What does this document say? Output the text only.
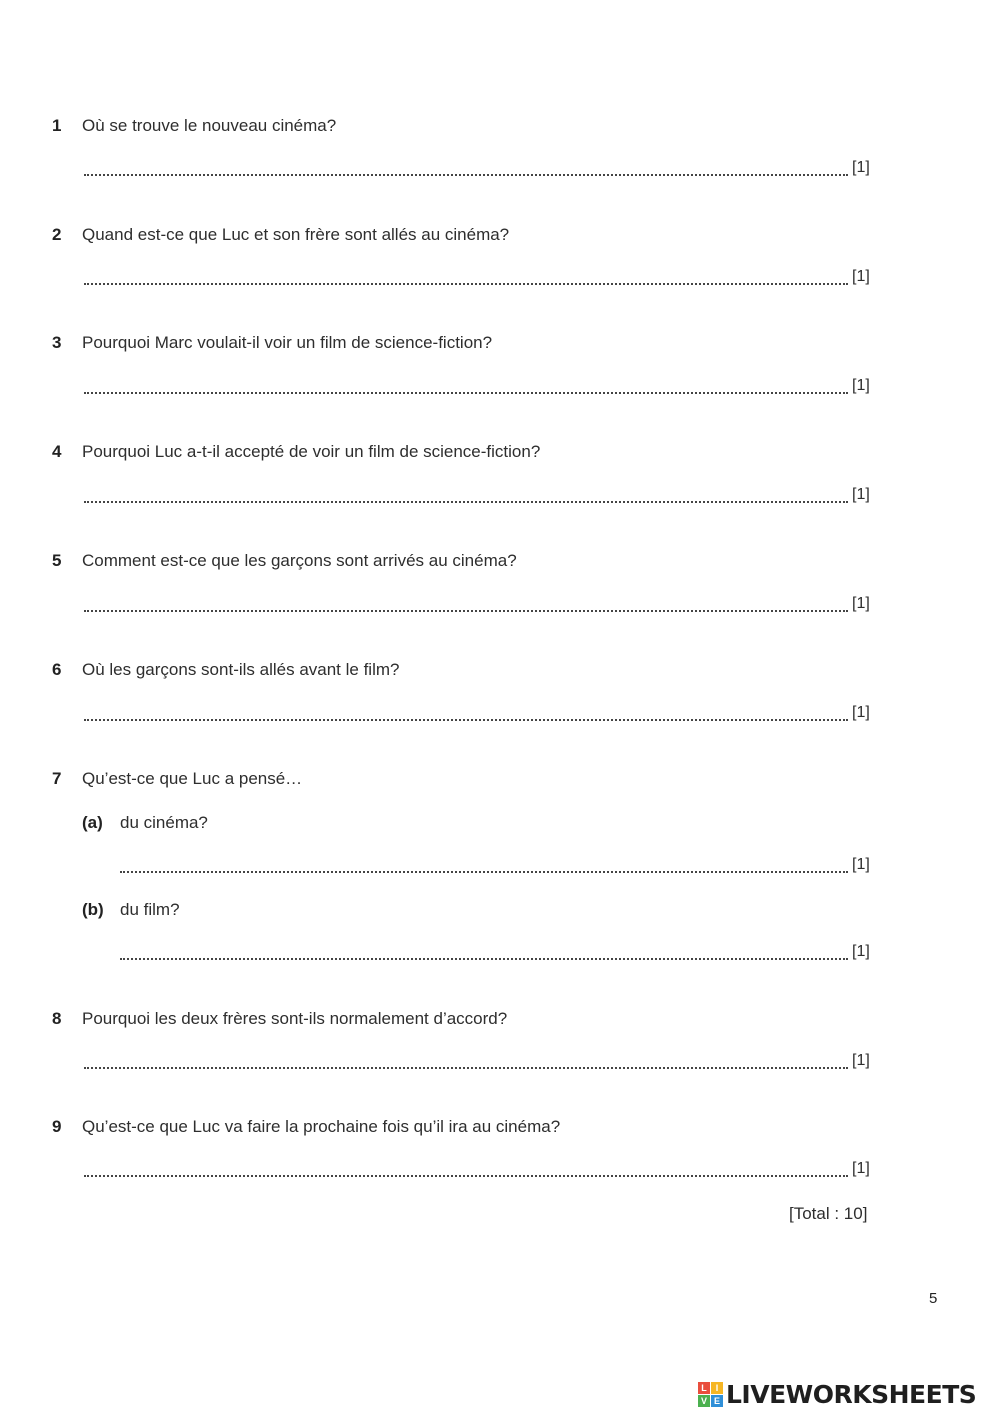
1 Où se trouve le nouveau cinéma?
[1]
2 Quand est-ce que Luc et son frère sont allés au cinéma?
[1]
3 Pourquoi Marc voulait-il voir un film de science-fiction?
[1]
4 Pourquoi Luc a-t-il accepté de voir un film de science-fiction?
[1]
5 Comment est-ce que les garçons sont arrivés au cinéma?
[1]
6 Où les garçons sont-ils allés avant le film?
[1]
7 Qu’est-ce que Luc a pensé…
(a) du cinéma?
[1]
(b) du film?
[1]
8 Pourquoi les deux frères sont-ils normalement d’accord?
[1]
9 Qu’est-ce que Luc va faire la prochaine fois qu’il ira au cinéma?
[1]
[Total : 10]
5
L I
V E LIVEWORKSHEETS
